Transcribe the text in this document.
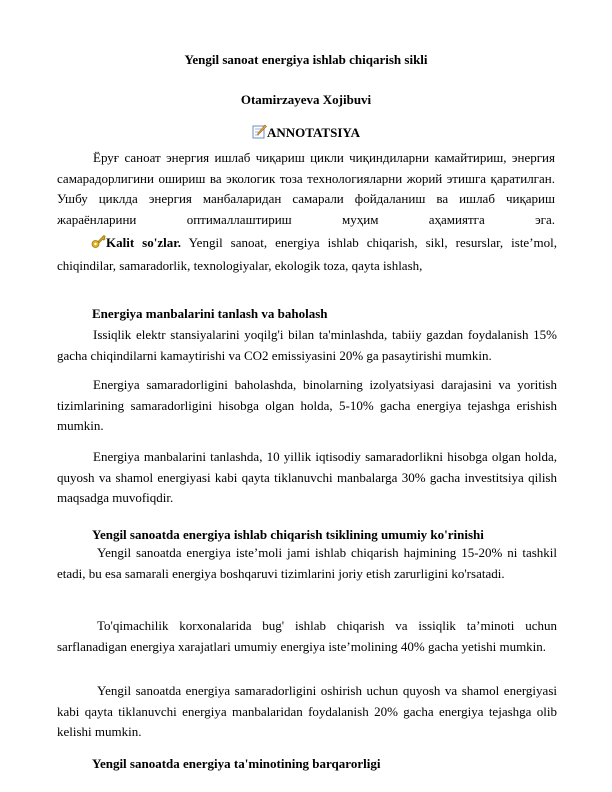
Yengil sanoat energiya ishlab chiqarish sikli
Otamirzayeva Xojibuvi
ANNOTATSIYA

Ёруғ саноат энергия ишлаб чиқариш цикли чиқиндиларни камайтириш, энергия самарадорлигини ошириш ва экологик тоза технологияларни жорий этишга қаратилган. Ушбу циклда энергия манбаларидан самарали фойдаланиш ва ишлаб чиқариш жараёнларини оптималлаштириш муҳим аҳамиятга эга.

Kalit so'zlar. Yengil sanoat, energiya ishlab chiqarish, sikl, resurslar, iste’mol, chiqindilar, samaradorlik, texnologiyalar, ekologik toza, qayta ishlash,

Energiya manbalarini tanlash va baholash

Issiqlik elektr stansiyalarini yoqilg'i bilan ta'minlashda, tabiiy gazdan foydalanish 15% gacha chiqindilarni kamaytirishi va CO2 emissiyasini 20% ga pasaytirishi mumkin.

Energiya samaradorligini baholashda, binolarning izolyatsiyasi darajasini va yoritish tizimlarining samaradorligini hisobga olgan holda, 5-10% gacha energiya tejashga erishish mumkin.

Energiya manbalarini tanlashda, 10 yillik iqtisodiy samaradorlikni hisobga olgan holda, quyosh va shamol energiyasi kabi qayta tiklanuvchi manbalarga 30% gacha investitsiya qilish maqsadga muvofiqdir.

Yengil sanoatda energiya ishlab chiqarish tsiklining umumiy ko'rinishi

Yengil sanoatda energiya iste’moli jami ishlab chiqarish hajmining 15-20% ni tashkil etadi, bu esa samarali energiya boshqaruvi tizimlarini joriy etish zarurligini ko'rsatadi.

To'qimachilik korxonalarida bug' ishlab chiqarish va issiqlik ta’minoti uchun sarflanadigan energiya xarajatlari umumiy energiya iste’molining 40% gacha yetishi mumkin.

Yengil sanoatda energiya samaradorligini oshirish uchun quyosh va shamol energiyasi kabi qayta tiklanuvchi energiya manbalaridan foydalanish 20% gacha energiya tejashga olib kelishi mumkin.

Yengil sanoatda energiya ta'minotining barqarorligi
